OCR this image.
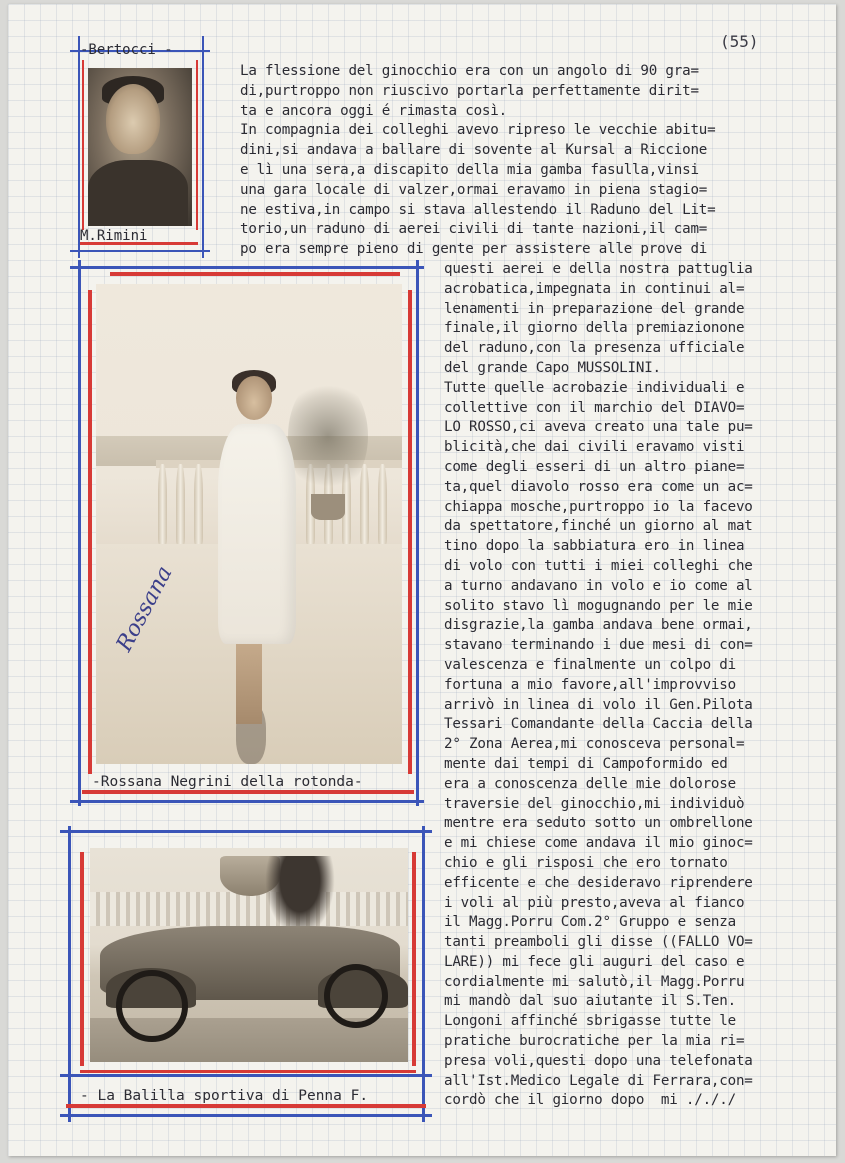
(55)
-Bertocci -
M.Rimini
Rossana
-Rossana Negrini della rotonda-
- La Balilla sportiva di Penna F.
La flessione del ginocchio era con un angolo di 90 gra=
di,purtroppo non riuscivo portarla perfettamente dirit=
ta e ancora oggi é rimasta così.
In compagnia dei colleghi avevo ripreso le vecchie abitu=
dini,si andava a ballare di sovente al Kursal a Riccione
e lì una sera,a discapito della mia gamba fasulla,vinsi
una gara locale di valzer,ormai eravamo in piena stagio=
ne estiva,in campo si stava allestendo il Raduno del Lit=
torio,un raduno di aerei civili di tante nazioni,il cam=
po era sempre pieno di gente per assistere alle prove di
questi aerei e della nostra pattuglia
acrobatica,impegnata in continui al=
lenamenti in preparazione del grande
finale,il giorno della premiazionone
del raduno,con la presenza ufficiale
del grande Capo MUSSOLINI.
Tutte quelle acrobazie individuali e
collettive con il marchio del DIAVO=
LO ROSSO,ci aveva creato una tale pu=
blicità,che dai civili eravamo visti
come degli esseri di un altro piane=
ta,quel diavolo rosso era come un ac=
chiappa mosche,purtroppo io la facevo
da spettatore,finché un giorno al mat
tino dopo la sabbiatura ero in linea
di volo con tutti i miei colleghi che
a turno andavano in volo e io come al
solito stavo lì mogugnando per le mie
disgrazie,la gamba andava bene ormai,
stavano terminando i due mesi di con=
valescenza e finalmente un colpo di
fortuna a mio favore,all'improvviso
arrivò in linea di volo il Gen.Pilota
Tessari Comandante della Caccia della
2° Zona Aerea,mi conosceva personal=
mente dai tempi di Campoformido ed
era a conoscenza delle mie dolorose
traversie del ginocchio,mi individuò
mentre era seduto sotto un ombrellone
e mi chiese come andava il mio ginoc=
chio e gli risposi che ero tornato
efficente e che desideravo riprendere
i voli al più presto,aveva al fianco
il Magg.Porru Com.2° Gruppo e senza
tanti preamboli gli disse ((FALLO VO=
LARE)) mi fece gli auguri del caso e
cordialmente mi salutò,il Magg.Porru
mi mandò dal suo aiutante il S.Ten.
Longoni affinché sbrigasse tutte le
pratiche burocratiche per la mia ri=
presa voli,questi dopo una telefonata
all'Ist.Medico Legale di Ferrara,con=
cordò che il giorno dopo  mi ./././
